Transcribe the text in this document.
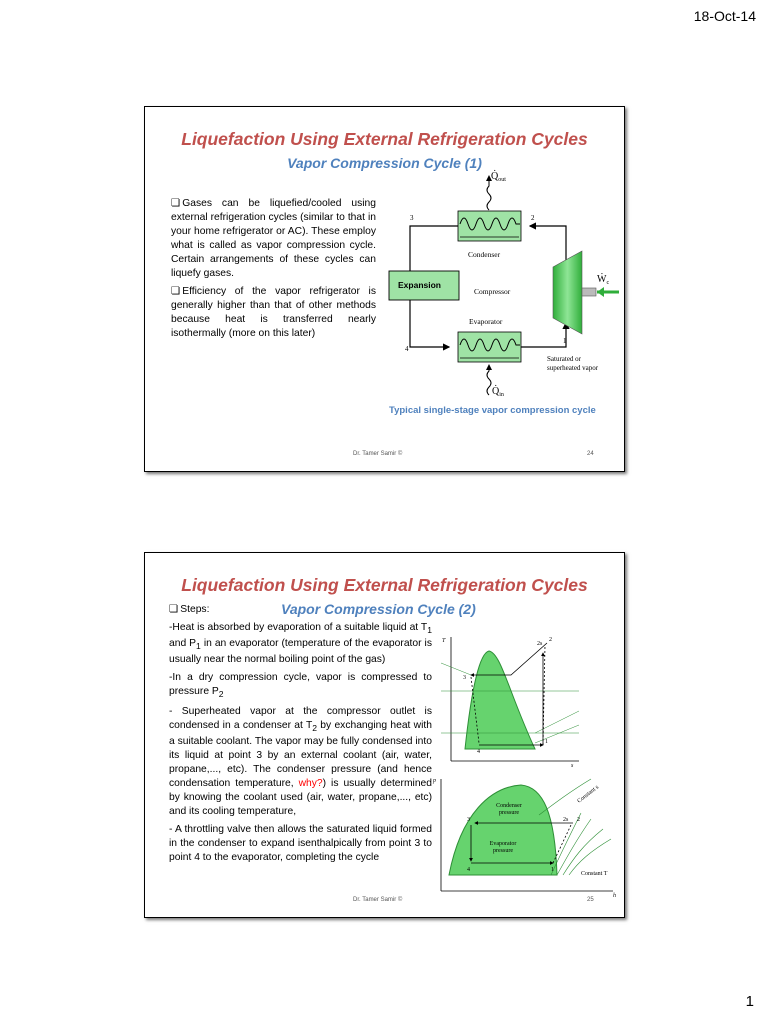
18-Oct-14
Liquefaction Using External Refrigeration Cycles
Vapor Compression Cycle (1)

❏ Gases can be liquefied/cooled using external refrigeration cycles (similar to that in your home refrigerator or AC). These employ what is called as vapor compression cycle. Certain arrangements of these cycles can liquefy gases.

❏ Efficiency of the vapor refrigerator is generally higher than that of other methods because heat is transferred nearly isothermally (more on this later)

$Q̇_{out}$
$Q̇_{in}$
Ẇ$_c$
Condenser
Expansion
Compressor
Evaporator
Saturated or
superheated vapor
3	2
4
1
Typical single-stage vapor compression cycle
Dr. Tamer Samir ©	24
Liquefaction Using External Refrigeration Cycles
❏ Steps:	Vapor Compression Cycle (2)

-Heat is absorbed by evaporation of a suitable liquid at $T_1$ and $P_1$ in an evaporator (temperature of the evaporator is usually near the normal boiling point of the gas)

-In a dry compression cycle, vapor is compressed to pressure $P_2$

- Superheated vapor at the compressor outlet is condensed in a condenser at $T_2$ by exchanging heat with a suitable coolant. The vapor may be fully condensed into its liquid at point 3 by an external coolant (air, water, propane,..., etc). The condenser pressure (and hence condensation temperature, why?) is usually determined by knowing the coolant used (air, water, propane,..., etc) and its cooling temperature,

- A throttling valve then allows the saturated liquid formed in the condenser to expand isenthalpically from point 3 to point 4 to the evaporator, completing the cycle

T
s
2s
2
3
4
1
p
h
Condenser
pressure
Evaporator
pressure
Constant s
Constant T
3
4	1
2s 2
Dr. Tamer Samir ©	25
1
